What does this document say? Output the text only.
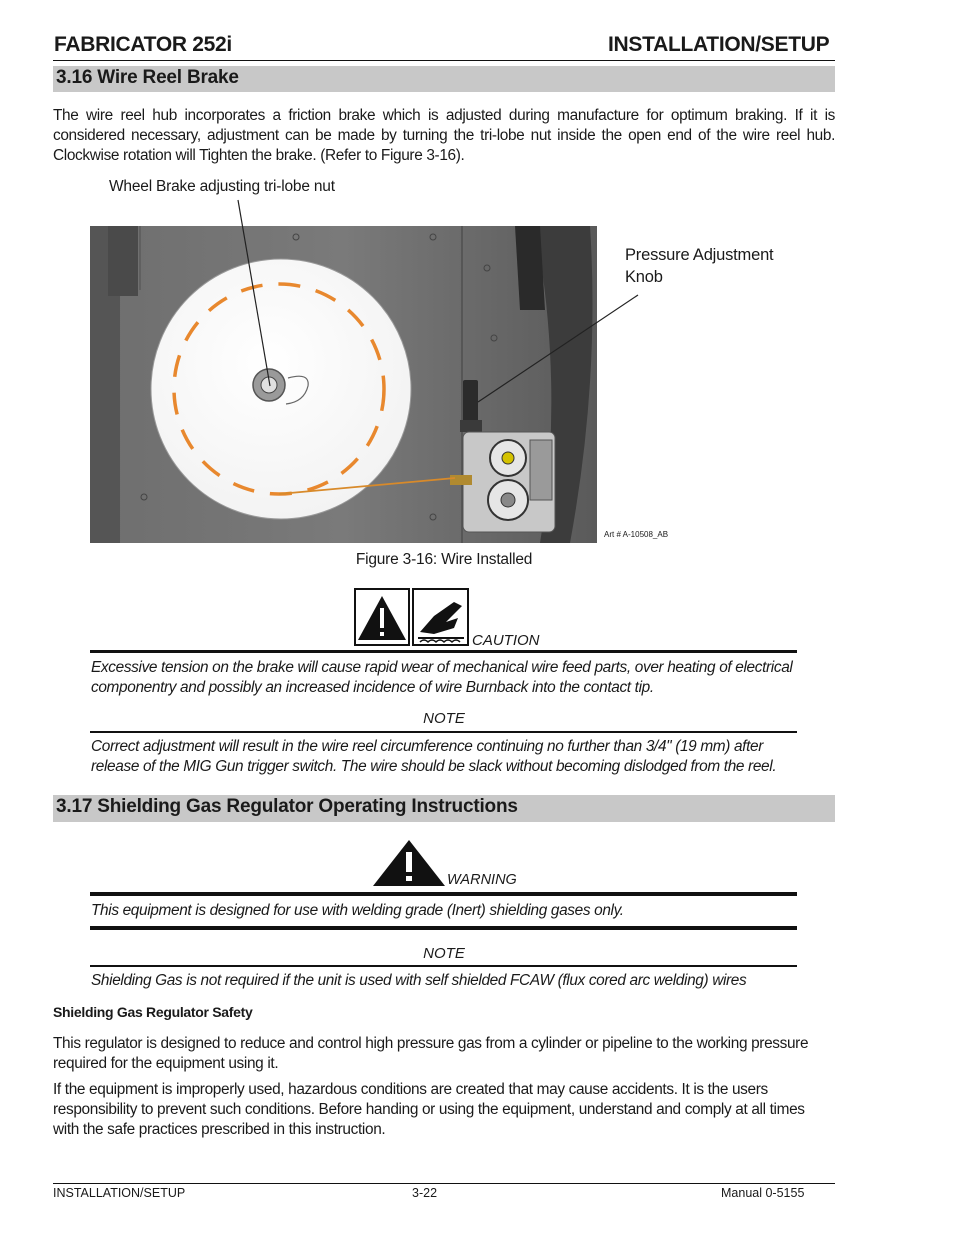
FABRICATOR 252i	INSTALLATION/SETUP
3.16 Wire Reel Brake
The wire reel hub incorporates a friction brake which is adjusted during manufacture for optimum braking. If it is considered necessary, adjustment can be made by turning the tri-lobe nut inside the open end of the wire reel hub. Clockwise rotation will Tighten the brake. (Refer to Figure 3-16).
Wheel Brake adjusting tri-lobe nut
Pressure Adjustment
Knob
Art # A-10508_AB
Figure 3-16: Wire Installed
CAUTION
Excessive tension on the brake will cause rapid wear of mechanical wire feed parts, over heating of electrical componentry and possibly an increased incidence of wire Burnback into the contact tip.
NOTE
Correct adjustment will result in the wire reel circumference continuing no further than 3/4" (19 mm) after release of the MIG Gun trigger switch. The wire should be slack without becoming dislodged from the reel.
3.17 Shielding Gas Regulator Operating Instructions
WARNING
This equipment is designed for use with welding grade (Inert) shielding gases only.
NOTE
Shielding Gas is not required if the unit is used with self shielded FCAW (flux cored arc welding) wires
Shielding Gas Regulator Safety
This regulator is designed to reduce and control high pressure gas from a cylinder or pipeline to the working pressure required for the equipment using it.
If the equipment is improperly used, hazardous conditions are created that may cause accidents. It is the users responsibility to prevent such conditions. Before handing or using the equipment, understand and comply at all times with the safe practices prescribed in this instruction.
INSTALLATION/SETUP	3-22	Manual 0-5155
